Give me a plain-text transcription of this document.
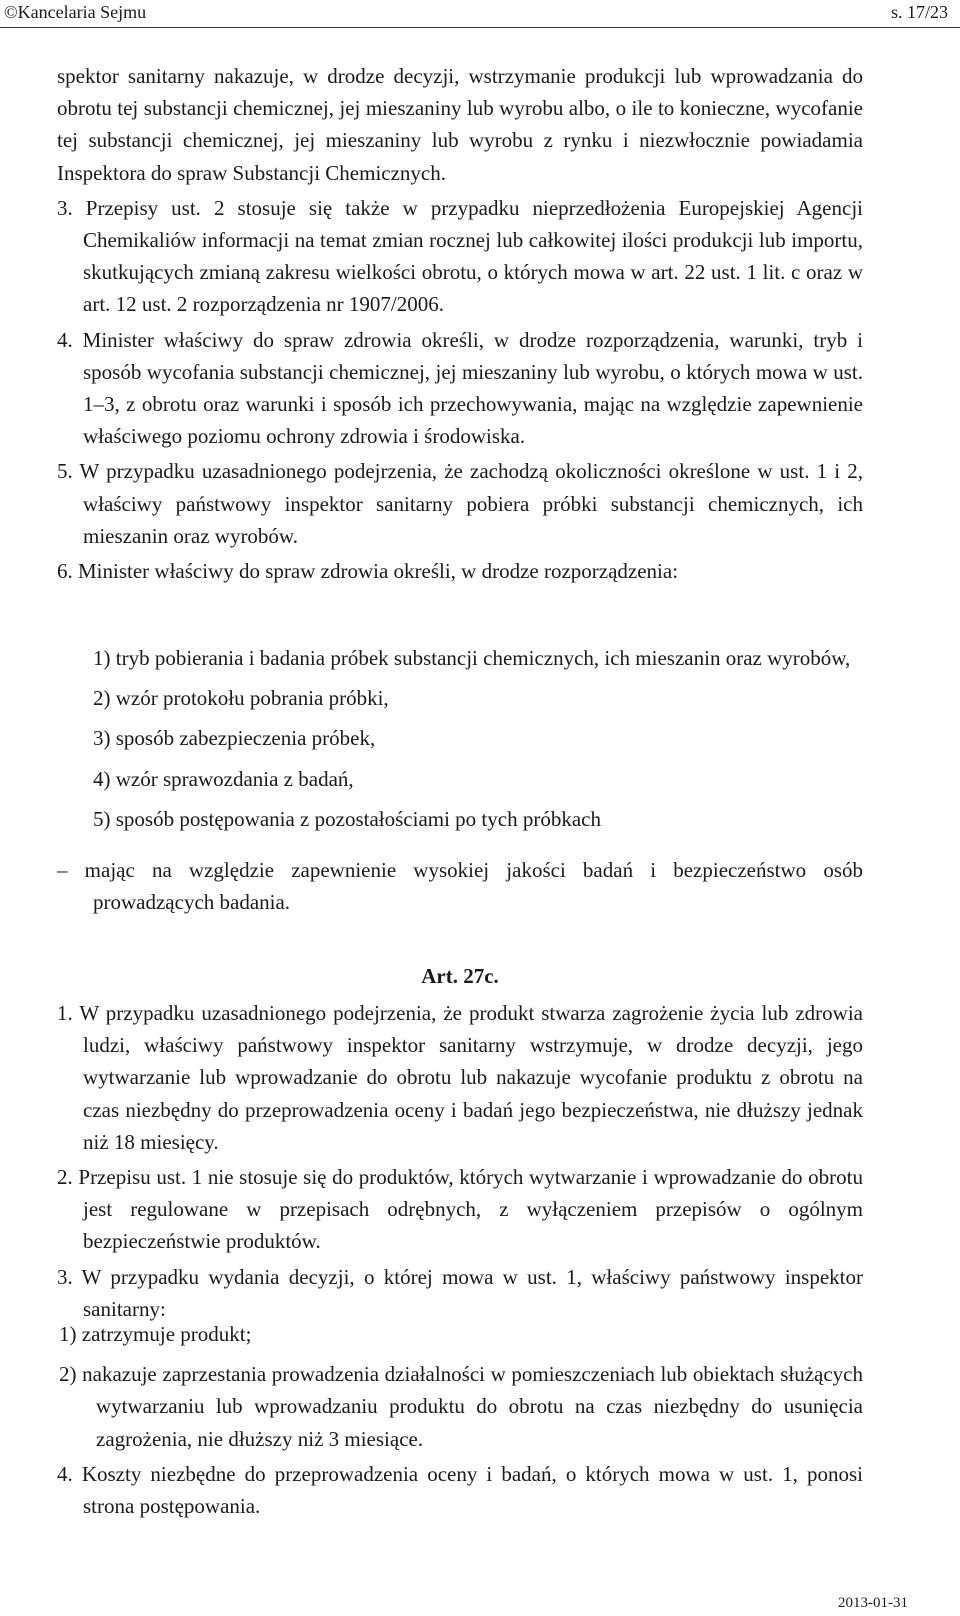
©Kancelaria Sejmu	s. 17/23

spektor sanitarny nakazuje, w drodze decyzji, wstrzymanie produkcji lub wprowadzania do obrotu tej substancji chemicznej, jej mieszaniny lub wyrobu albo, o ile to konieczne, wycofanie tej substancji chemicznej, jej mieszaniny lub wyrobu z rynku i niezwłocznie powiadamia Inspektora do spraw Substancji Chemicznych.

3. Przepisy ust. 2 stosuje się także w przypadku nieprzedłożenia Europejskiej Agencji Chemikaliów informacji na temat zmian rocznej lub całkowitej ilości produkcji lub importu, skutkujących zmianą zakresu wielkości obrotu, o których mowa w art. 22 ust. 1 lit. c oraz w art. 12 ust. 2 rozporządzenia nr 1907/2006.

4. Minister właściwy do spraw zdrowia określi, w drodze rozporządzenia, warunki, tryb i sposób wycofania substancji chemicznej, jej mieszaniny lub wyrobu, o których mowa w ust. 1–3, z obrotu oraz warunki i sposób ich przechowywania, mając na względzie zapewnienie właściwego poziomu ochrony zdrowia i środowiska.

5. W przypadku uzasadnionego podejrzenia, że zachodzą okoliczności określone w ust. 1 i 2, właściwy państwowy inspektor sanitarny pobiera próbki substancji chemicznych, ich mieszanin oraz wyrobów.

6. Minister właściwy do spraw zdrowia określi, w drodze rozporządzenia:

1) tryb pobierania i badania próbek substancji chemicznych, ich mieszanin oraz wyrobów,

2) wzór protokołu pobrania próbki,

3) sposób zabezpieczenia próbek,

4) wzór sprawozdania z badań,

5) sposób postępowania z pozostałościami po tych próbkach

– mając na względzie zapewnienie wysokiej jakości badań i bezpieczeństwo osób prowadzących badania.

Art. 27c.

1. W przypadku uzasadnionego podejrzenia, że produkt stwarza zagrożenie życia lub zdrowia ludzi, właściwy państwowy inspektor sanitarny wstrzymuje, w drodze decyzji, jego wytwarzanie lub wprowadzanie do obrotu lub nakazuje wycofanie produktu z obrotu na czas niezbędny do przeprowadzenia oceny i badań jego bezpieczeństwa, nie dłuższy jednak niż 18 miesięcy.

2. Przepisu ust. 1 nie stosuje się do produktów, których wytwarzanie i wprowadzanie do obrotu jest regulowane w przepisach odrębnych, z wyłączeniem przepisów o ogólnym bezpieczeństwie produktów.

3. W przypadku wydania decyzji, o której mowa w ust. 1, właściwy państwowy inspektor sanitarny:

1) zatrzymuje produkt;

2) nakazuje zaprzestania prowadzenia działalności w pomieszczeniach lub obiektach służących wytwarzaniu lub wprowadzaniu produktu do obrotu na czas niezbędny do usunięcia zagrożenia, nie dłuższy niż 3 miesiące.

4. Koszty niezbędne do przeprowadzenia oceny i badań, o których mowa w ust. 1, ponosi strona postępowania.

2013-01-31
